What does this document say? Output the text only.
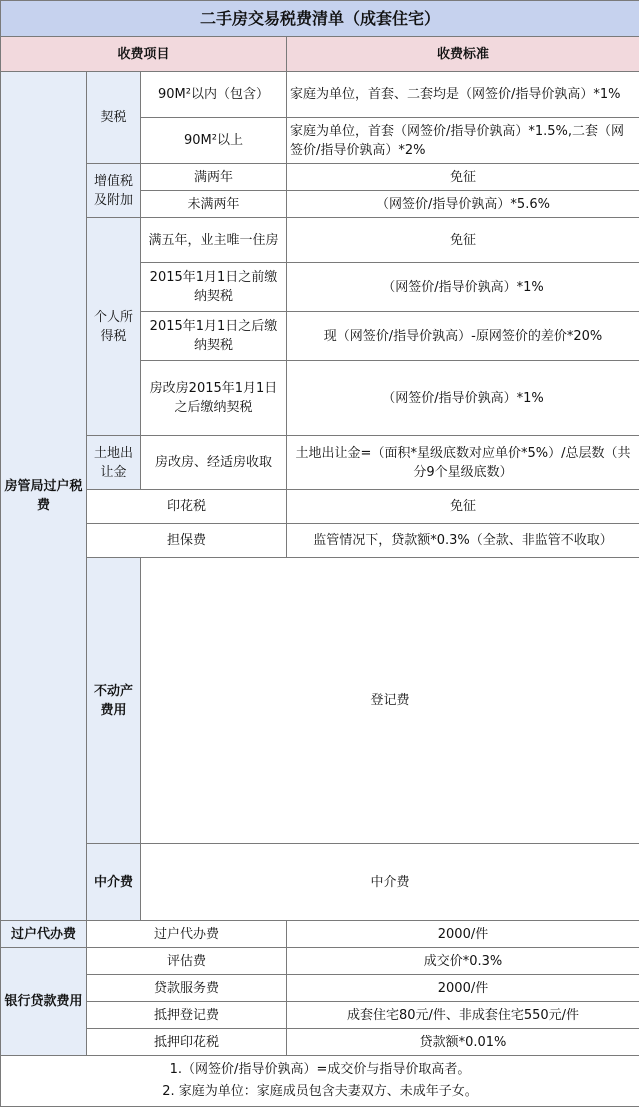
二手房交易税费清单（成套住宅）				
收费项目			收费标准	
房管局过户税费	契税	90M²以内（包含）	家庭为单位，首套、二套均是（网签价/指导价孰高）*1%	
		90M²以上	家庭为单位，首套（网签价/指导价孰高）*1.5%,二套（网签价/指导价孰高）*2%	
	增值税及附加	满两年	免征	
		未满两年	（网签价/指导价孰高）*5.6%	
	个人所得税	满五年，业主唯一住房	免征	
		2015年1月1日之前缴纳契税	（网签价/指导价孰高）*1%	
		2015年1月1日之后缴纳契税	现（网签价/指导价孰高）-原网签价的差价*20%	
		房改房2015年1月1日之后缴纳契税	（网签价/指导价孰高）*1%	
	土地出让金	房改房、经适房收取	土地出让金=（面积*星级底数对应单价*5%）/总层数（共分9个星级底数）	
	印花税		免征	
	担保费		监管情况下，贷款额*0.3%（全款、非监管不收取）	
	不动产费用	登记费	
	中介费	中介费	
过户代办费	过户代办费		2000/件	
银行贷款费用	评估费		成交价*0.3%	
	贷款服务费		2000/件	
	抵押登记费		成套住宅80元/件、非成套住宅550元/件	
	抵押印花税		贷款额*0.01%	

1.（网签价/指导价孰高）=成交价与指导价取高者。
2. 家庭为单位：家庭成员包含夫妻双方、未成年子女。				
